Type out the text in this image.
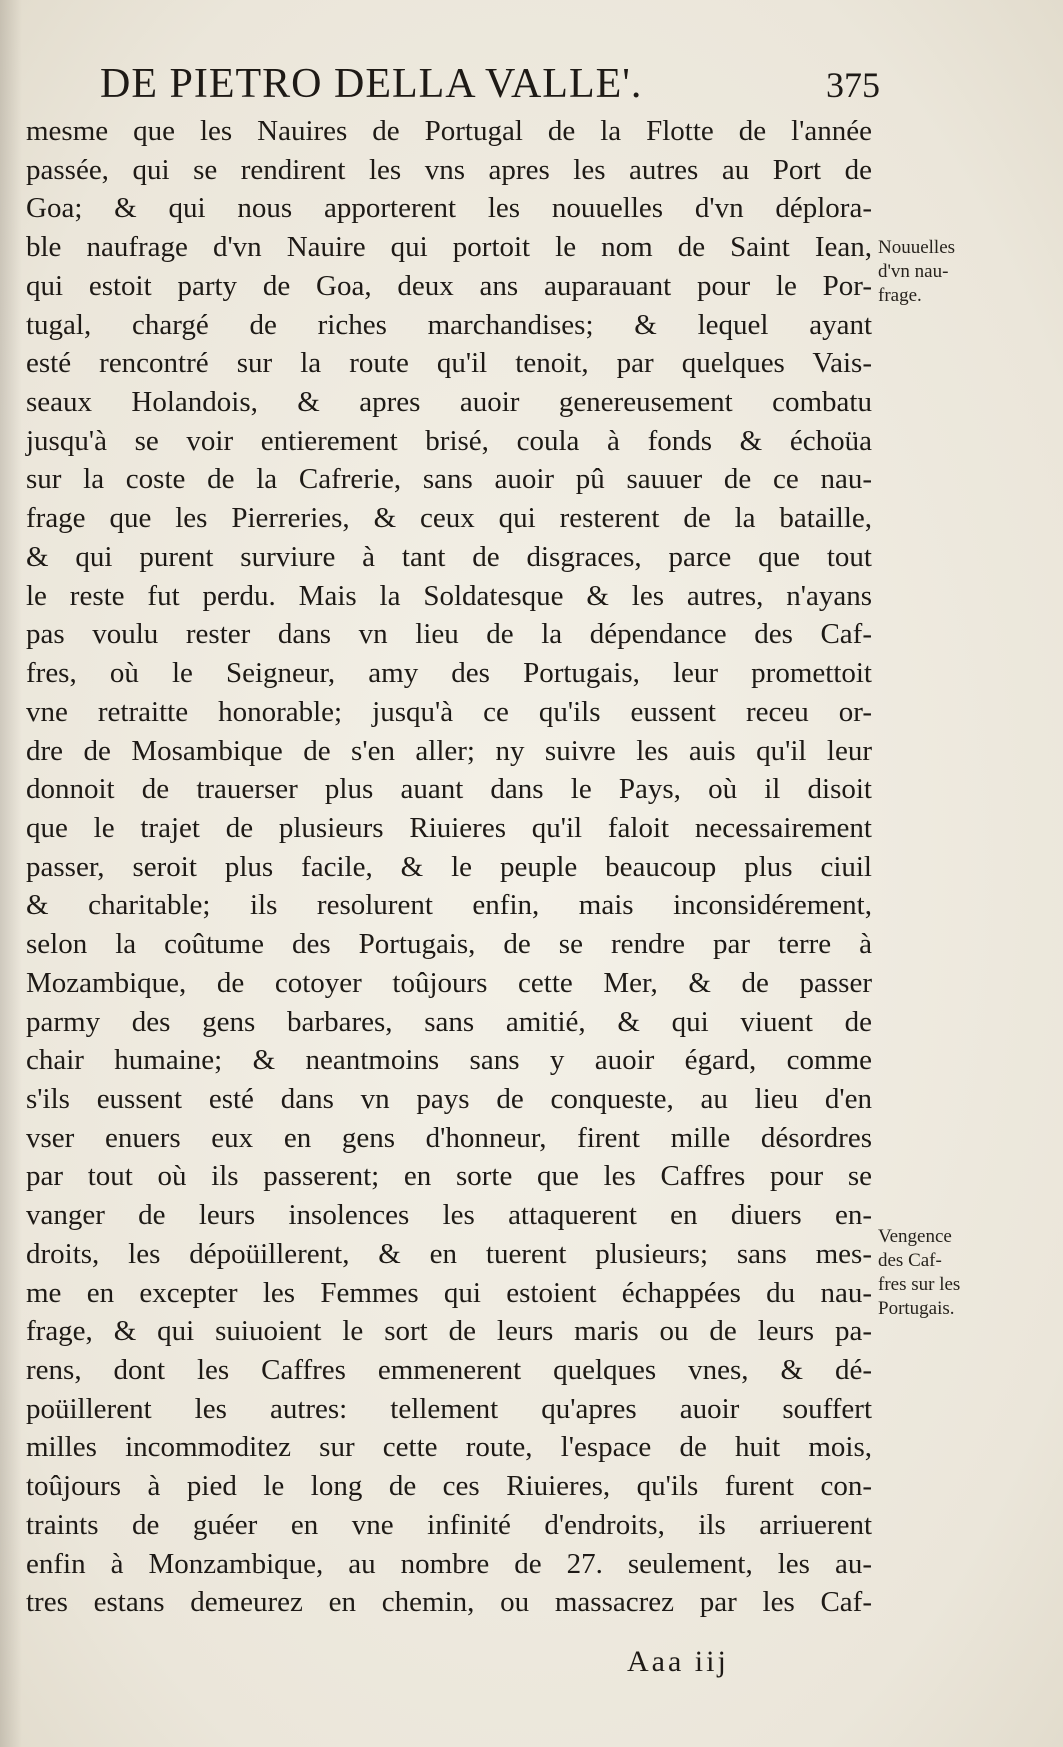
DE PIETRO DELLA VALLE'.	375
mesme que les Nauires de Portugal de la Flotte de l'année
passée, qui se rendirent les vns apres les autres au Port de
Goa; & qui nous apporterent les nouuelles d'vn déplora-
ble naufrage d'vn Nauire qui portoit le nom de Saint Iean,
qui estoit party de Goa, deux ans auparauant pour le Por-
tugal, chargé de riches marchandises; & lequel ayant
esté rencontré sur la route qu'il tenoit, par quelques Vais-
seaux Holandois, & apres auoir genereusement combatu
jusqu'à se voir entierement brisé, coula à fonds & échoüa
sur la coste de la Cafrerie, sans auoir pû sauuer de ce nau-
frage que les Pierreries, & ceux qui resterent de la bataille,
& qui purent surviure à tant de disgraces, parce que tout
le reste fut perdu. Mais la Soldatesque & les autres, n'ayans
pas voulu rester dans vn lieu de la dépendance des Caf-
fres, où le Seigneur, amy des Portugais, leur promettoit
vne retraitte honorable; jusqu'à ce qu'ils eussent receu or-
dre de Mosambique de s'en aller; ny suivre les auis qu'il leur
donnoit de trauerser plus auant dans le Pays, où il disoit
que le trajet de plusieurs Riuieres qu'il faloit necessairement
passer, seroit plus facile, & le peuple beaucoup plus ciuil
& charitable; ils resolurent enfin, mais inconsidérement,
selon la coûtume des Portugais, de se rendre par terre à
Mozambique, de cotoyer toûjours cette Mer, & de passer
parmy des gens barbares, sans amitié, & qui viuent de
chair humaine; & neantmoins sans y auoir égard, comme
s'ils eussent esté dans vn pays de conqueste, au lieu d'en
vser enuers eux en gens d'honneur, firent mille désordres
par tout où ils passerent; en sorte que les Caffres pour se
vanger de leurs insolences les attaquerent en diuers en-
droits, les dépoüillerent, & en tuerent plusieurs; sans mes-
me en excepter les Femmes qui estoient échappées du nau-
frage, & qui suiuoient le sort de leurs maris ou de leurs pa-
rens, dont les Caffres emmenerent quelques vnes, & dé-
poüillerent les autres: tellement qu'apres auoir souffert
milles incommoditez sur cette route, l'espace de huit mois,
toûjours à pied le long de ces Riuieres, qu'ils furent con-
traints de guéer en vne infinité d'endroits, ils arriuerent
enfin à Monzambique, au nombre de 27. seulement, les au-
tres estans demeurez en chemin, ou massacrez par les Caf-
Nouuelles
d'vn nau-
frage.
Vengence
des Caf-
fres sur les
Portugais.
Aaa iij
